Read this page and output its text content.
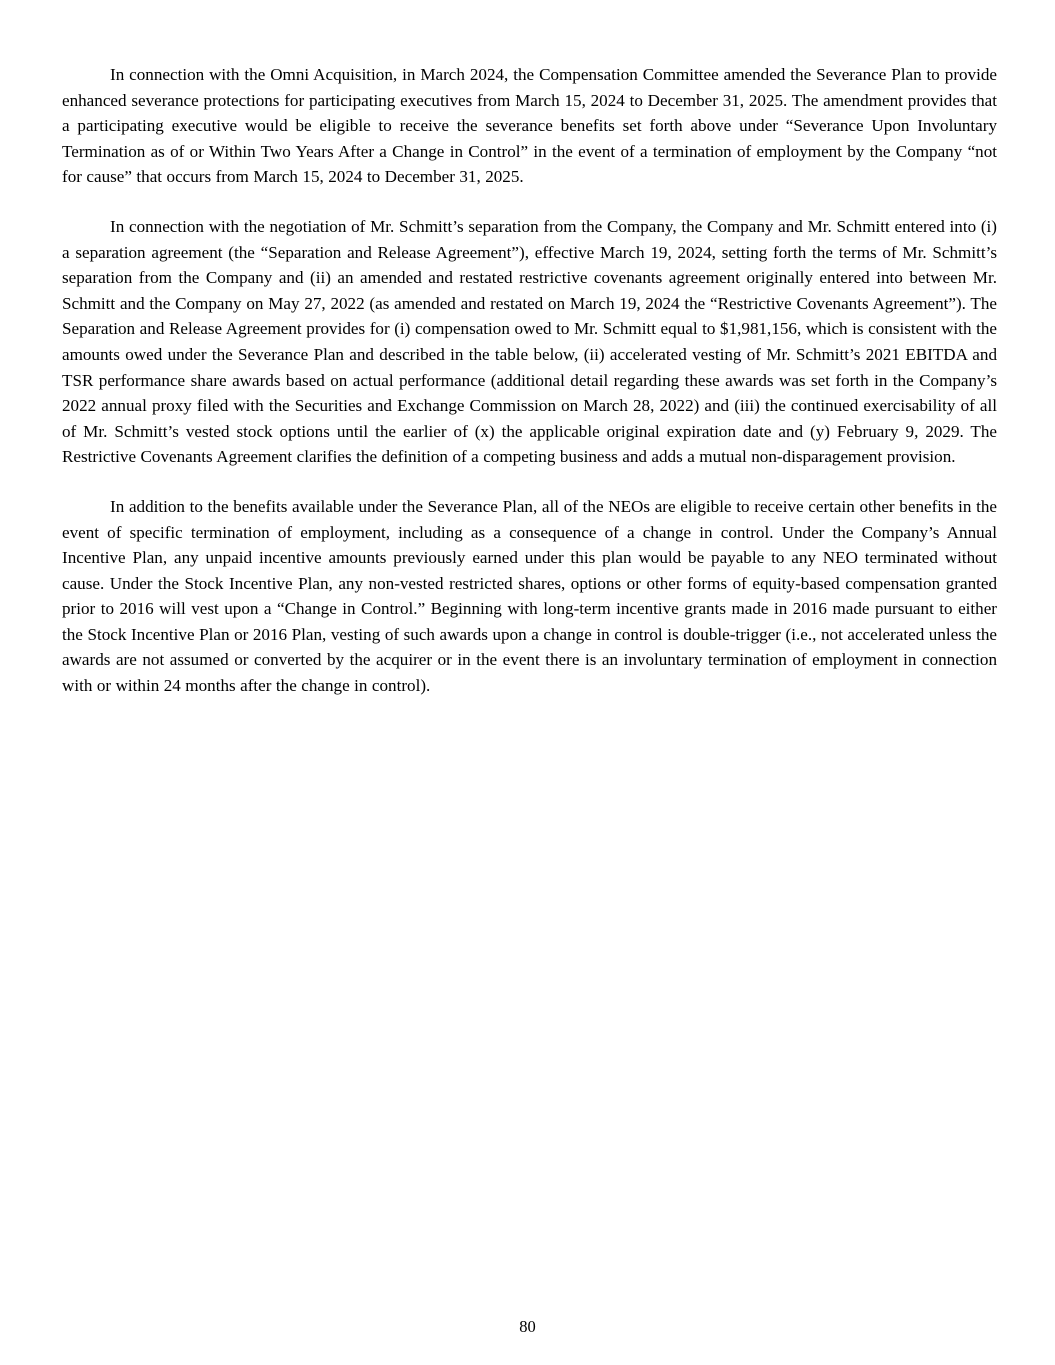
In connection with the Omni Acquisition, in March 2024, the Compensation Committee amended the Severance Plan to provide enhanced severance protections for participating executives from March 15, 2024 to December 31, 2025. The amendment provides that a participating executive would be eligible to receive the severance benefits set forth above under “Severance Upon Involuntary Termination as of or Within Two Years After a Change in Control” in the event of a termination of employment by the Company “not for cause” that occurs from March 15, 2024 to December 31, 2025.

In connection with the negotiation of Mr. Schmitt’s separation from the Company, the Company and Mr. Schmitt entered into (i) a separation agreement (the “Separation and Release Agreement”), effective March 19, 2024, setting forth the terms of Mr. Schmitt’s separation from the Company and (ii) an amended and restated restrictive covenants agreement originally entered into between Mr. Schmitt and the Company on May 27, 2022 (as amended and restated on March 19, 2024 the “Restrictive Covenants Agreement”). The Separation and Release Agreement provides for (i) compensation owed to Mr. Schmitt equal to $1,981,156, which is consistent with the amounts owed under the Severance Plan and described in the table below, (ii) accelerated vesting of Mr. Schmitt’s 2021 EBITDA and TSR performance share awards based on actual performance (additional detail regarding these awards was set forth in the Company’s 2022 annual proxy filed with the Securities and Exchange Commission on March 28, 2022) and (iii) the continued exercisability of all of Mr. Schmitt’s vested stock options until the earlier of (x) the applicable original expiration date and (y) February 9, 2029. The Restrictive Covenants Agreement clarifies the definition of a competing business and adds a mutual non-disparagement provision.

In addition to the benefits available under the Severance Plan, all of the NEOs are eligible to receive certain other benefits in the event of specific termination of employment, including as a consequence of a change in control. Under the Company’s Annual Incentive Plan, any unpaid incentive amounts previously earned under this plan would be payable to any NEO terminated without cause. Under the Stock Incentive Plan, any non-vested restricted shares, options or other forms of equity-based compensation granted prior to 2016 will vest upon a “Change in Control.” Beginning with long-term incentive grants made in 2016 made pursuant to either the Stock Incentive Plan or 2016 Plan, vesting of such awards upon a change in control is double-trigger (i.e., not accelerated unless the awards are not assumed or converted by the acquirer or in the event there is an involuntary termination of employment in connection with or within 24 months after the change in control).

80
